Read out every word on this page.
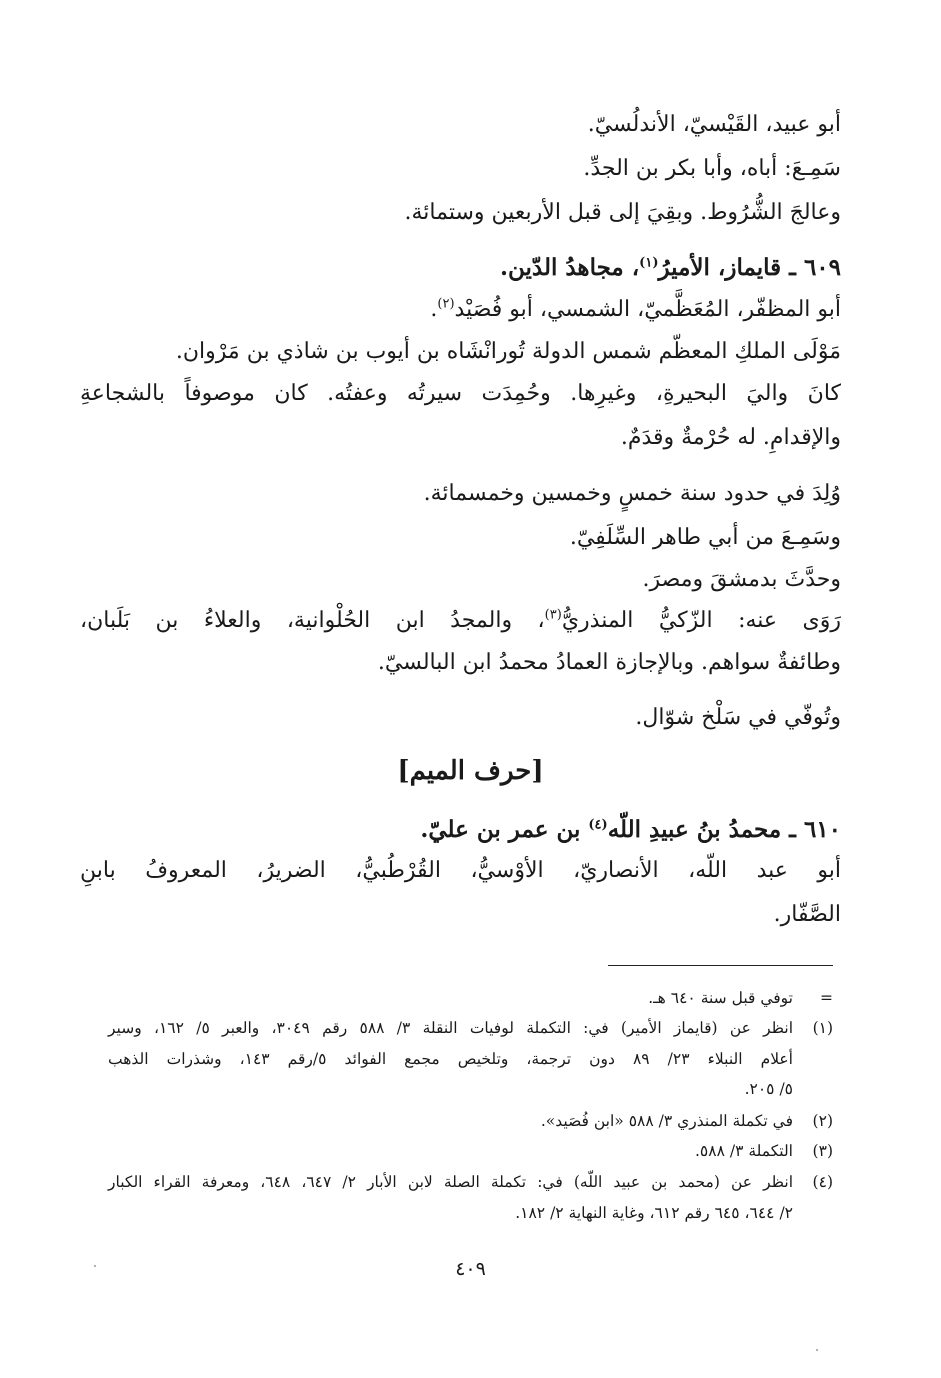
أبو عبيد، القَيْسيّ، الأندلُسيّ.
سَمِـعَ: أباه، وأبا بكر بن الجدِّ.
وعالجَ الشُّرُوط. وبقِيَ إلى قبل الأربعين وستمائة.
٦٠٩ ـ قايماز، الأميرُ$^{(١)}$، مجاهدُ الدّين.
أبو المظفّر، المُعَظَّميّ، الشمسي، أبو فُصَيْد$^{(٢)}$.
مَوْلَى الملكِ المعظّم شمس الدولة تُورانْشَاه بن أيوب بن شاذي بن مَرْوان.
كانَ واليَ البحيرةِ، وغيرِها. وحُمِدَت سيرتُه وعفتُه. كان موصوفاً بالشجاعةِ
والإقدامِ. له حُرْمةٌ وقدَمٌ.
وُلِدَ في حدود سنة خمسٍ وخمسين وخمسمائة.
وسَمِـعَ من أبي طاهر السِّلَفِيّ.
وحدَّثَ بدمشقَ ومصرَ.
رَوَى عنه: الزّكيُّ المنذريُّ$^{(٣)}$، والمجدُ ابن الحُلْوانية، والعلاءُ بن بَلَبان،
وطائفةٌ سواهم. وبالإجازة العمادُ محمدُ ابن البالسيّ.
وتُوفّي في سَلْخ شوّال.
[حرف الميم]
٦١٠ ـ محمدُ بنُ عبيدِ اللّه$^{(٤)}$ بن عمر بن عليّ.
أبو عبد اللّه، الأنصاريّ، الأوْسيُّ، القُرْطُبيُّ، الضريرُ، المعروفُ بابنِ
الصَّفّار.
=توفي قبل سنة ٦٤٠ هـ.
(١)انظر عن (قايماز الأمير) في: التكملة لوفيات النقلة ٣/ ٥٨٨ رقم ٣٠٤٩، والعبر ٥/ ١٦٢، وسير
أعلام النبلاء ٢٣/ ٨٩ دون ترجمة، وتلخيص مجمع الفوائد ٥/رقم ١٤٣، وشذرات الذهب
٥/ ٢٠٥.
(٢)في تكملة المنذري ٣/ ٥٨٨ «ابن فُصَيد».
(٣)التكملة ٣/ ٥٨٨.
(٤)انظر عن (محمد بن عبيد اللّه) في: تكملة الصلة لابن الأبار ٢/ ٦٤٧، ٦٤٨، ومعرفة القراء الكبار
٢/ ٦٤٤، ٦٤٥ رقم ٦١٢، وغاية النهاية ٢/ ١٨٢.
٤٠٩
